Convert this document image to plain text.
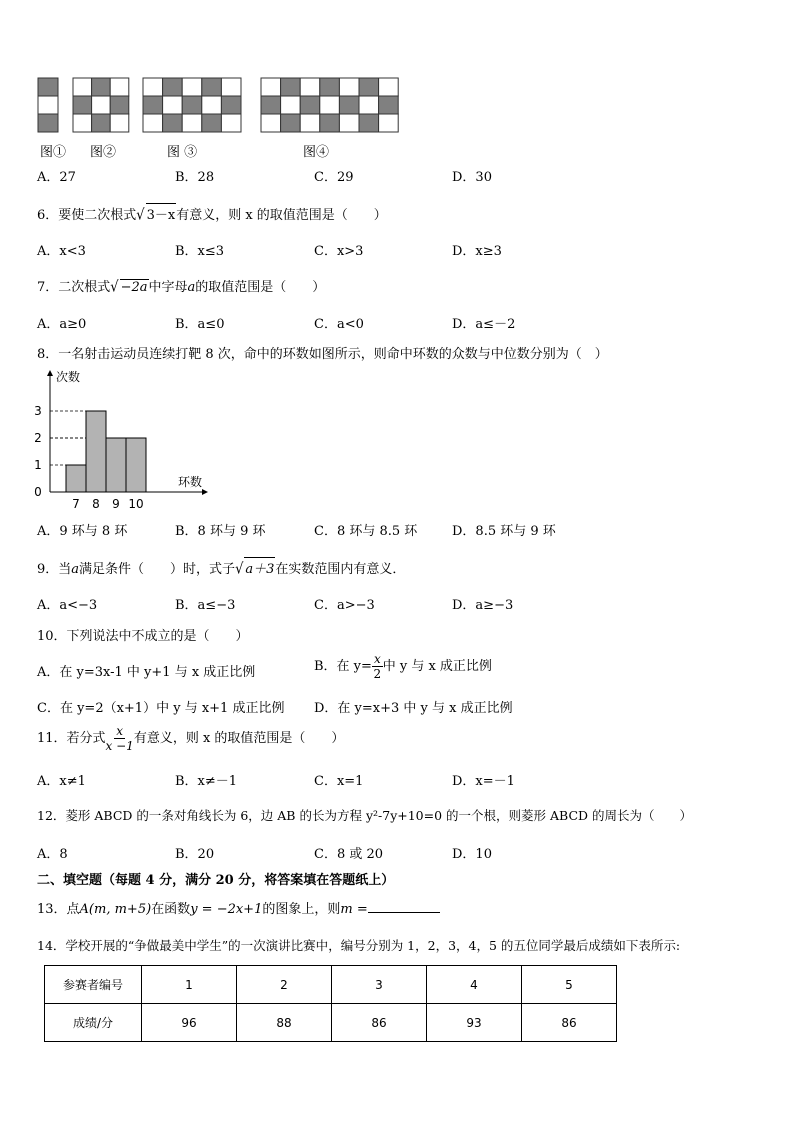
图① 图②	图 ③	图④
A．27	B．28	C．29	D．30
6．要使二次根式√ 3－x有意义，则 x 的取值范围是（　　）
A．x<3	B．x≤3	C．x>3	D．x≥3
7．二次根式√ −2a中字母a的取值范围是（　　）
A．a≥0	B．a≤0	C．a<0	D．a≤－2
8．一名射击运动员连续打靶 8 次，命中的环数如图所示，则命中环数的众数与中位数分别为（　）
7 8 9 10
0
1
2
3
次数
环数
A．9 环与 8 环	B．8 环与 9 环	C．8 环与 8.5 环	D．8.5 环与 9 环
9．当a满足条件（　　）时，式子√ a＋3在实数范围内有意义．
A．a<−3	B．a≤−3	C．a>−3	D．a≥−3
10．下列说法中不成立的是（　　）
A．在 y=3x-1 中 y+1 与 x 成正比例	B．在 $y= \frac{x}{2}$ 中 y 与 x 成正比例
C．在 y=2（x+1）中 y 与 x+1 成正比例 D．在 y=x+3 中 y 与 x 成正比例
11．若分式 $\frac{x}{x -1}$ 有意义，则 x 的取值范围是（　　）
A．x≠1	B．x≠－1	C．x=1	D．x=－1
12．菱形 ABCD 的一条对角线长为 6，边 AB 的长为方程 y²-7y+10=0 的一个根，则菱形 ABCD 的周长为（　　）
A．8	B．20	C．8 或 20	D．10
二、填空题（每题 4 分，满分 20 分，将答案填在答题纸上）
13．点A(m, m+5)在函数y = −2x+1的图象上，则m =
14．学校开展的“争做最美中学生”的一次演讲比赛中，编号分别为 1，2，3，4，5 的五位同学最后成绩如下表所示:
参赛者编号	1	2	3	4	5
成绩/分	96	88	86	93	86
